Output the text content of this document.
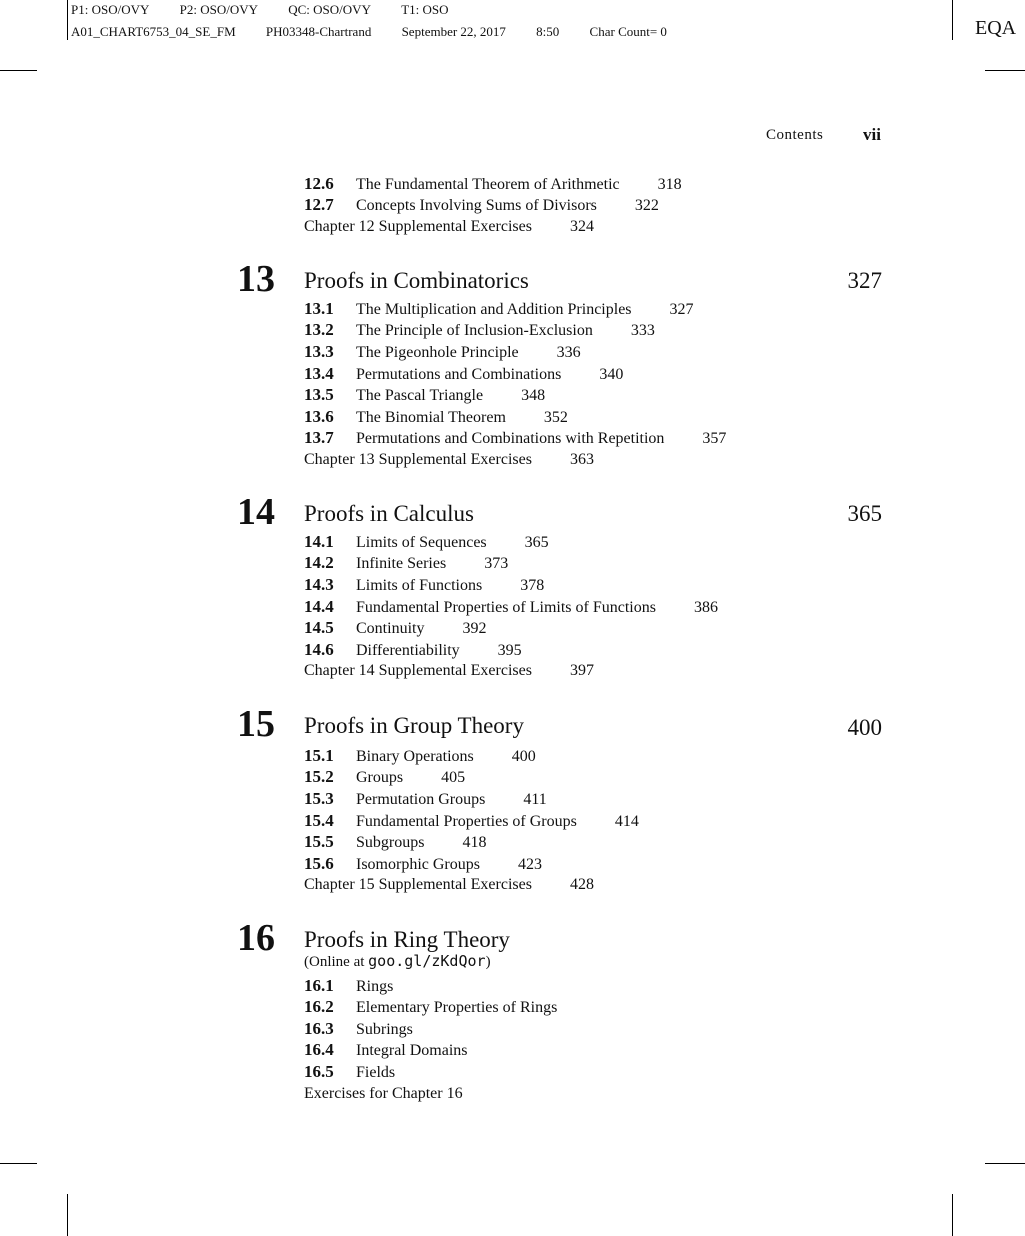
P1: OSO/OVY P2: OSO/OVY QC: OSO/OVY T1: OSO
A01_CHART6753_04_SE_FM PH03348-Chartrand September 22, 2017 8:50 Char Count= 0	EQA
Contents vii
12.6 The Fundamental Theorem of Arithmetic 318
12.7 Concepts Involving Sums of Divisors 322
Chapter 12 Supplemental Exercises 324
13 Proofs in Combinatorics	327
13.1 The Multiplication and Addition Principles 327
13.2 The Principle of Inclusion-Exclusion 333
13.3 The Pigeonhole Principle 336
13.4 Permutations and Combinations 340
13.5 The Pascal Triangle 348
13.6 The Binomial Theorem 352
13.7 Permutations and Combinations with Repetition 357
Chapter 13 Supplemental Exercises 363
14 Proofs in Calculus	365
14.1 Limits of Sequences 365
14.2 Infinite Series 373
14.3 Limits of Functions 378
14.4 Fundamental Properties of Limits of Functions 386
14.5 Continuity 392
14.6 Differentiability 395
Chapter 14 Supplemental Exercises 397
15 Proofs in Group Theory	400
15.1 Binary Operations 400
15.2 Groups 405
15.3 Permutation Groups 411
15.4 Fundamental Properties of Groups 414
15.5 Subgroups 418
15.6 Isomorphic Groups 423
Chapter 15 Supplemental Exercises 428
16 Proofs in Ring Theory
(Online at goo.gl/zKdQor)
16.1 Rings
16.2 Elementary Properties of Rings
16.3 Subrings
16.4 Integral Domains
16.5 Fields
Exercises for Chapter 16
